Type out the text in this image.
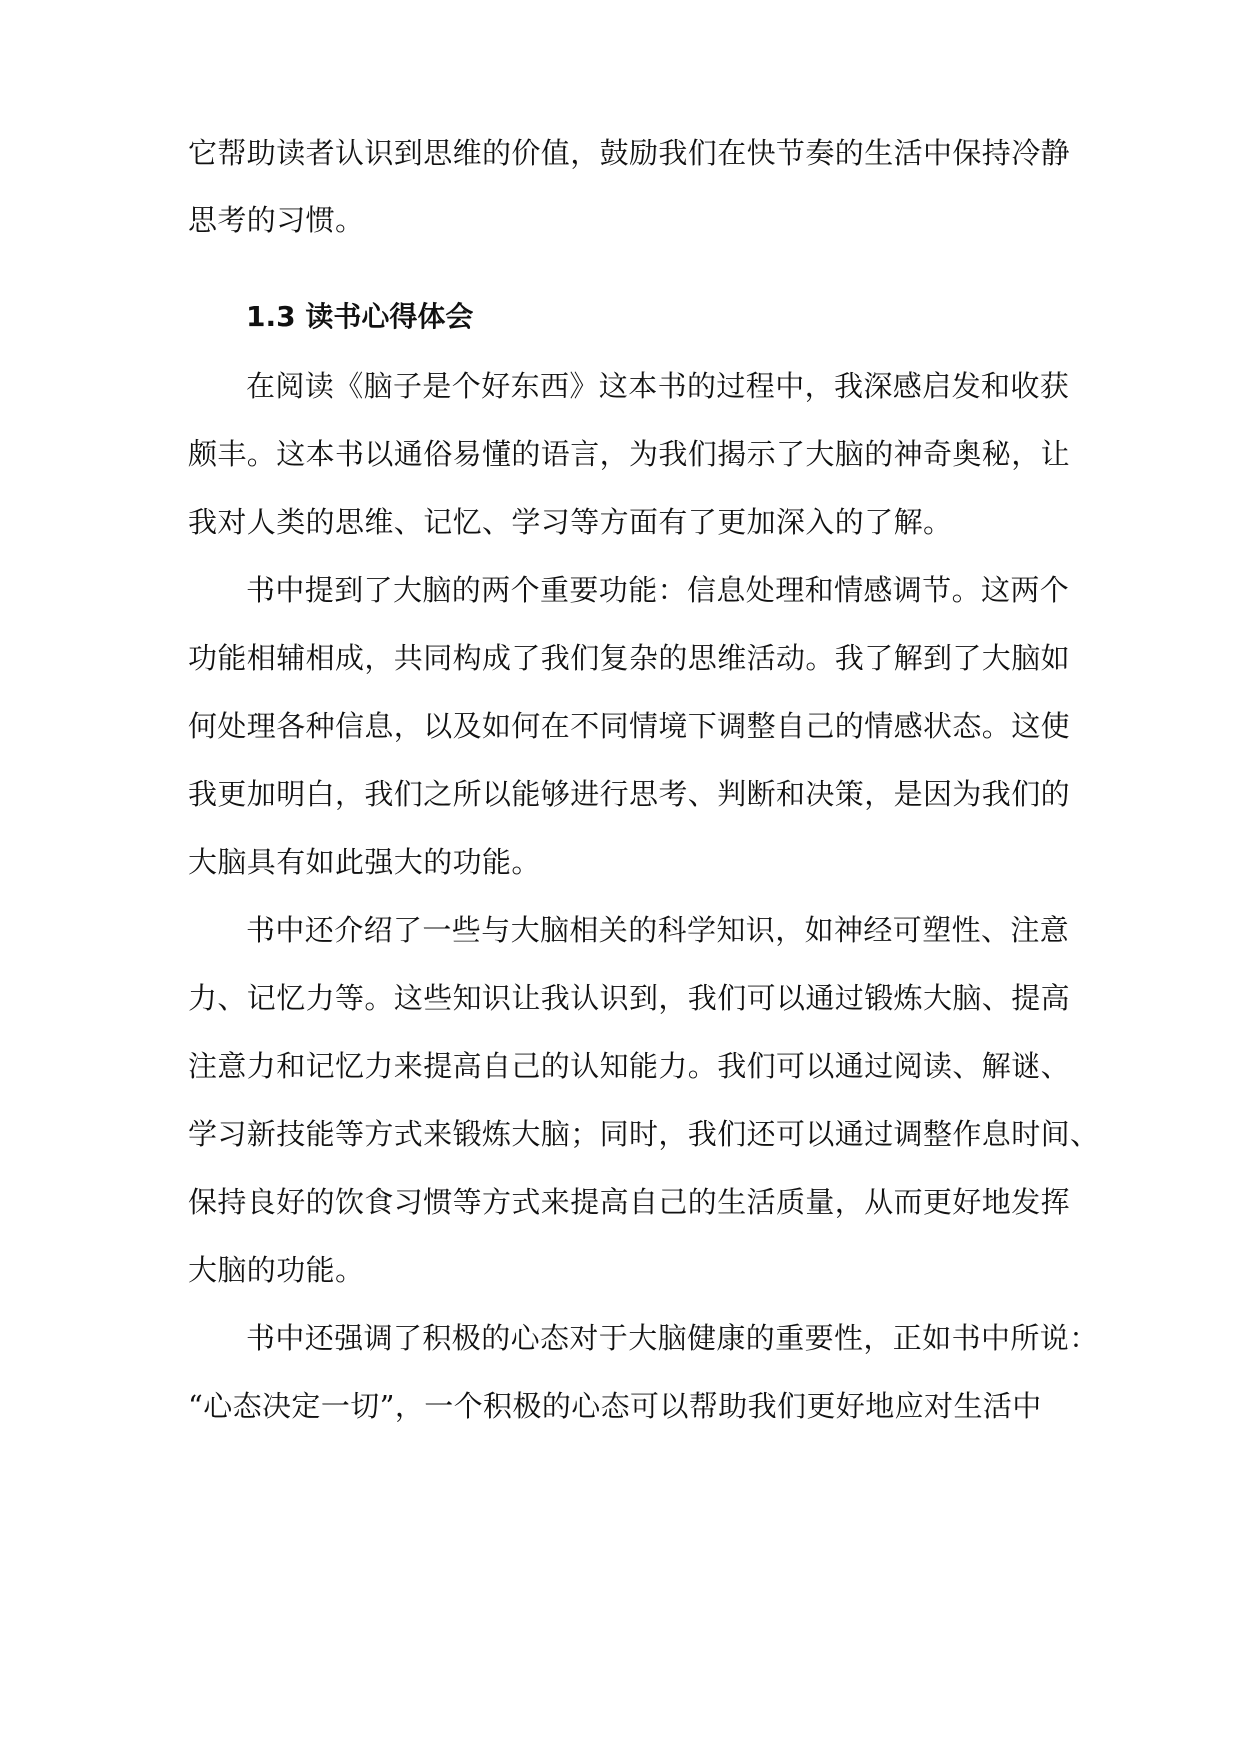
它帮助读者认识到思维的价值，鼓励我们在快节奏的生活中保持冷静
思考的习惯。
1.3 读书心得体会
在阅读《脑子是个好东西》这本书的过程中，我深感启发和收获
颇丰。这本书以通俗易懂的语言，为我们揭示了大脑的神奇奥秘，让
我对人类的思维、记忆、学习等方面有了更加深入的了解。
书中提到了大脑的两个重要功能：信息处理和情感调节。这两个
功能相辅相成，共同构成了我们复杂的思维活动。我了解到了大脑如
何处理各种信息，以及如何在不同情境下调整自己的情感状态。这使
我更加明白，我们之所以能够进行思考、判断和决策，是因为我们的
大脑具有如此强大的功能。
书中还介绍了一些与大脑相关的科学知识，如神经可塑性、注意
力、记忆力等。这些知识让我认识到，我们可以通过锻炼大脑、提高
注意力和记忆力来提高自己的认知能力。我们可以通过阅读、解谜、
学习新技能等方式来锻炼大脑；同时，我们还可以通过调整作息时间、
保持良好的饮食习惯等方式来提高自己的生活质量，从而更好地发挥
大脑的功能。
书中还强调了积极的心态对于大脑健康的重要性，正如书中所说：
“心态决定一切”，一个积极的心态可以帮助我们更好地应对生活中
